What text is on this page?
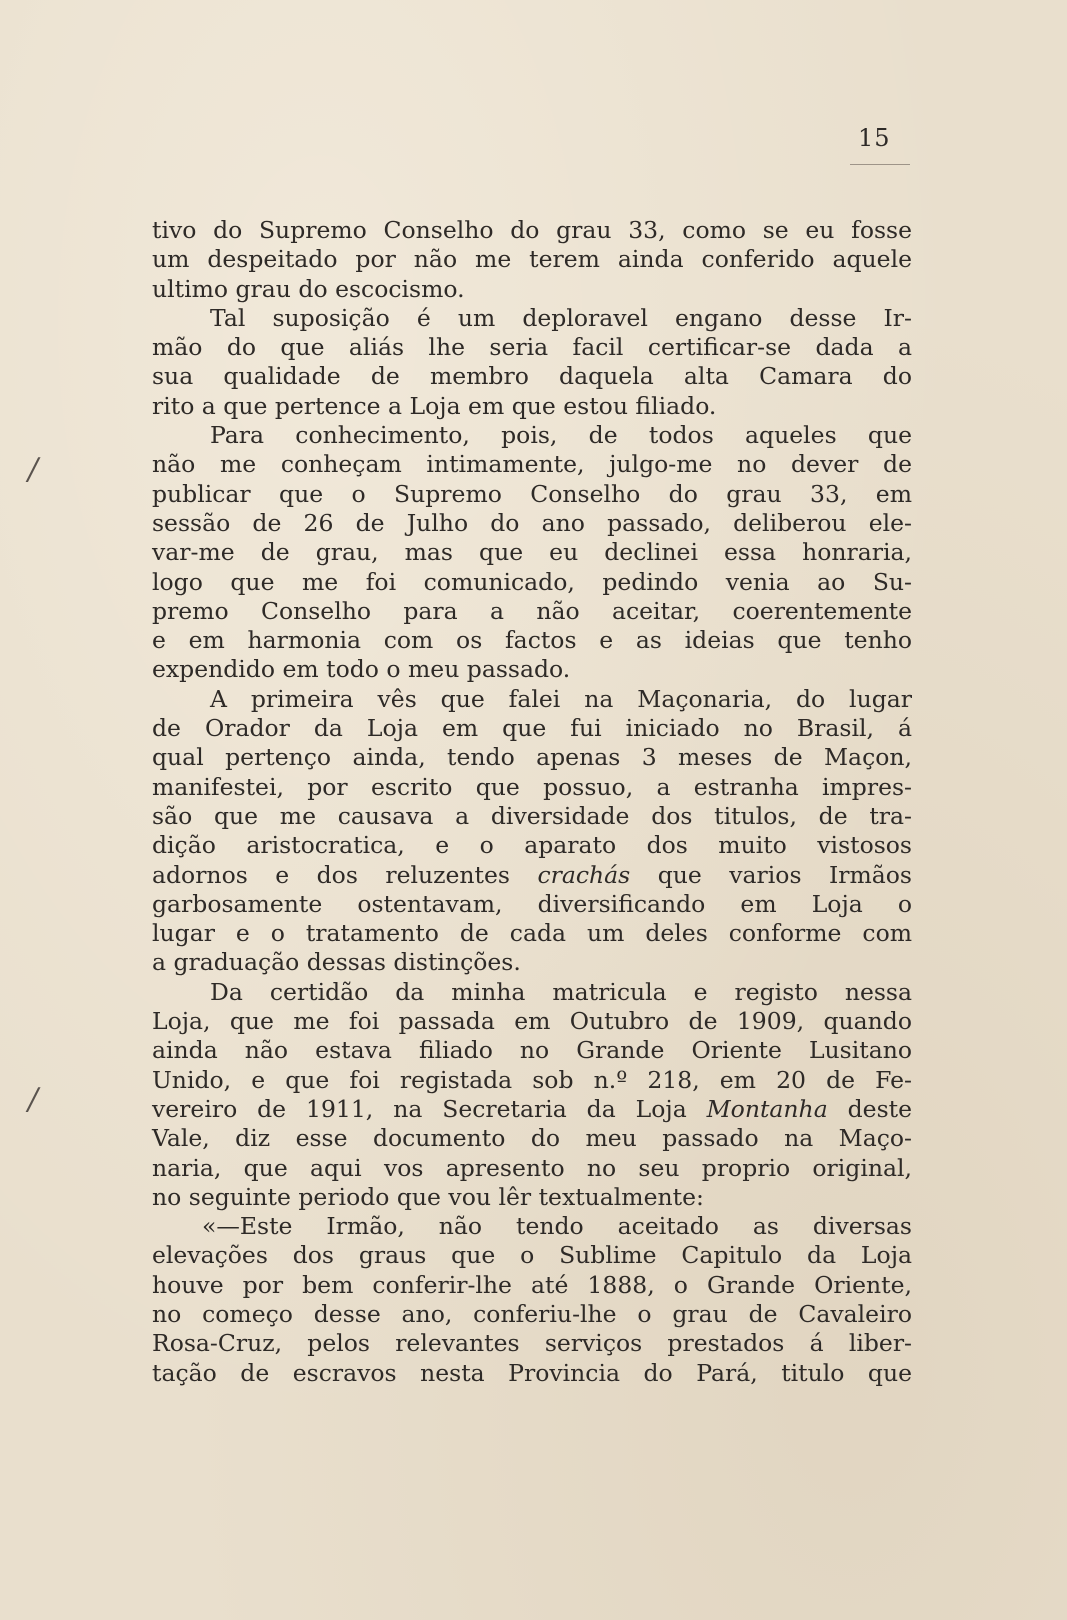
15
/
/
tivo do Supremo Conselho do grau 33, como se eu fosse
um despeitado por não me terem ainda conferido aquele
ultimo grau do escocismo.
Tal suposição é um deploravel engano desse Ir-
mão do que aliás lhe seria facil certificar-se dada a
sua qualidade de membro daquela alta Camara do
rito a que pertence a Loja em que estou filiado.
Para conhecimento, pois, de todos aqueles que
não me conheçam intimamente, julgo-me no dever de
publicar que o Supremo Conselho do grau 33, em
sessão de 26 de Julho do ano passado, deliberou ele-
var-me de grau, mas que eu declinei essa honraria,
logo que me foi comunicado, pedindo venia ao Su-
premo Conselho para a não aceitar, coerentemente
e em harmonia com os factos e as ideias que tenho
expendido em todo o meu passado.
A primeira vês que falei na Maçonaria, do lugar
de Orador da Loja em que fui iniciado no Brasil, á
qual pertenço ainda, tendo apenas 3 meses de Maçon,
manifestei, por escrito que possuo, a estranha impres-
são que me causava a diversidade dos titulos, de tra-
dição aristocratica, e o aparato dos muito vistosos
adornos e dos reluzentes crachás que varios Irmãos
garbosamente ostentavam, diversificando em Loja o
lugar e o tratamento de cada um deles conforme com
a graduação dessas distinções.
Da certidão da minha matricula e registo nessa
Loja, que me foi passada em Outubro de 1909, quando
ainda não estava filiado no Grande Oriente Lusitano
Unido, e que foi registada sob n.º 218, em 20 de Fe-
vereiro de 1911, na Secretaria da Loja Montanha deste
Vale, diz esse documento do meu passado na Maço-
naria, que aqui vos apresento no seu proprio original,
no seguinte periodo que vou lêr textualmente:
«—Este Irmão, não tendo aceitado as diversas
elevações dos graus que o Sublime Capitulo da Loja
houve por bem conferir-lhe até 1888, o Grande Oriente,
no começo desse ano, conferiu-lhe o grau de Cavaleiro
Rosa-Cruz, pelos relevantes serviços prestados á liber-
tação de escravos nesta Provincia do Pará, titulo que
